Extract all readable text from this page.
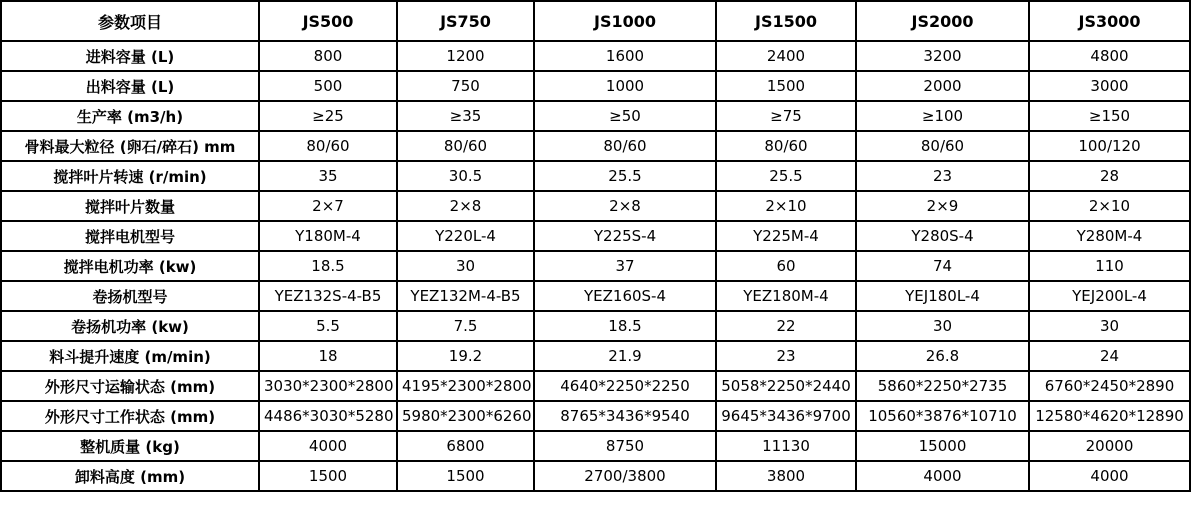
参数项目	JS500	JS750	JS1000	JS1500	JS2000	JS3000
进料容量 (L)	800	1200	1600	2400	3200	4800
出料容量 (L)	500	750	1000	1500	2000	3000
生产率 (m3/h)	≥25	≥35	≥50	≥75	≥100	≥150
骨料最大粒径 (卵石/碎石) mm	80/60	80/60	80/60	80/60	80/60	100/120
搅拌叶片转速 (r/min)	35	30.5	25.5	25.5	23	28
搅拌叶片数量	2×7	2×8	2×8	2×10	2×9	2×10
搅拌电机型号	Y180M-4	Y220L-4	Y225S-4	Y225M-4	Y280S-4	Y280M-4
搅拌电机功率 (kw)	18.5	30	37	60	74	110
卷扬机型号	YEZ132S-4-B5	YEZ132M-4-B5	YEZ160S-4	YEZ180M-4	YEJ180L-4	YEJ200L-4
卷扬机功率 (kw)	5.5	7.5	18.5	22	30	30
料斗提升速度 (m/min)	18	19.2	21.9	23	26.8	24
外形尺寸运输状态 (mm)	3030*2300*2800	4195*2300*2800	4640*2250*2250	5058*2250*2440	5860*2250*2735	6760*2450*2890
外形尺寸工作状态 (mm)	4486*3030*5280	5980*2300*6260	8765*3436*9540	9645*3436*9700	10560*3876*10710	12580*4620*12890
整机质量 (kg)	4000	6800	8750	11130	15000	20000
卸料高度 (mm)	1500	1500	2700/3800	3800	4000	4000
